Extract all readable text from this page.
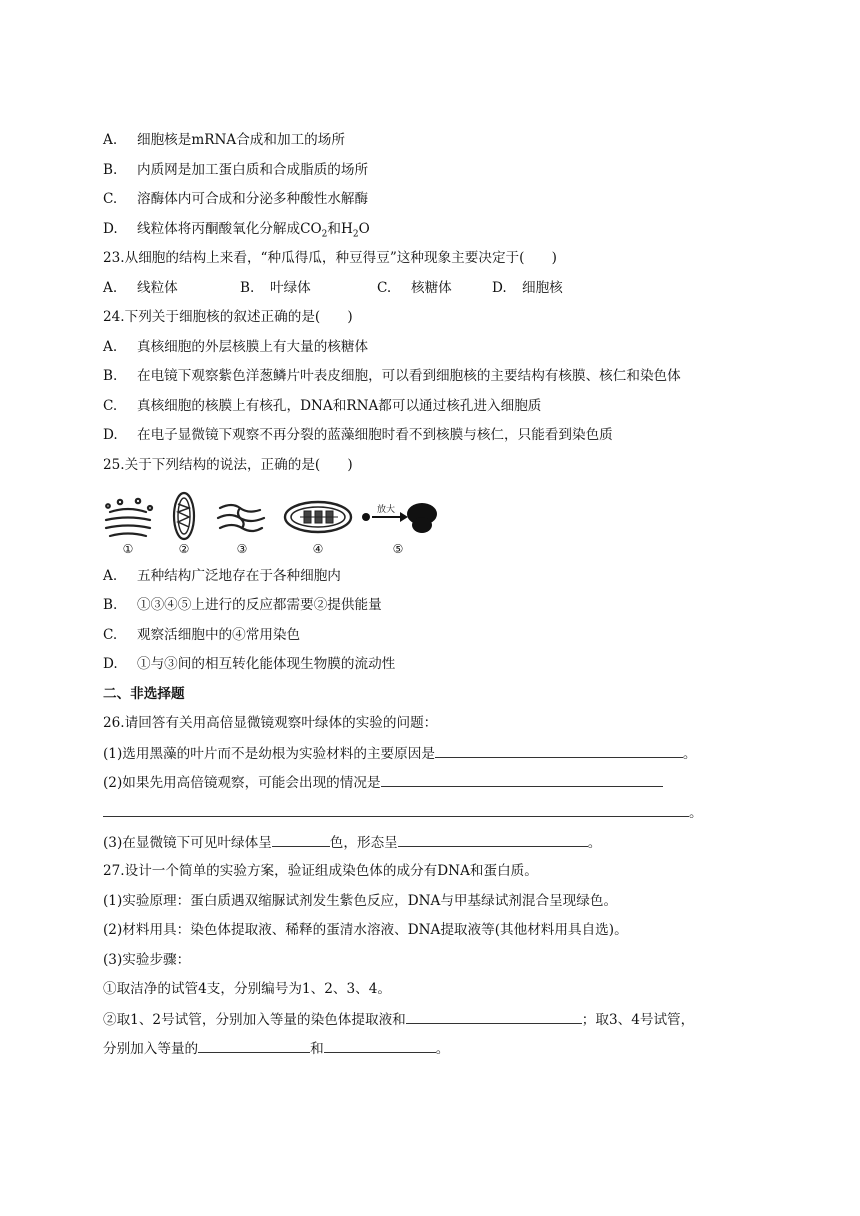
A. 细胞核是mRNA合成和加工的场所
B. 内质网是加工蛋白质和合成脂质的场所
C. 溶酶体内可合成和分泌多种酸性水解酶
D. 线粒体将丙酮酸氧化分解成$CO_2$和$H_2O$
23.从细胞的结构上来看，“种瓜得瓜，种豆得豆”这种现象主要决定于(　　)
A. 线粒体	B. 叶绿体	C. 核糖体	D. 细胞核
24.下列关于细胞核的叙述正确的是(　　)
A. 真核细胞的外层核膜上有大量的核糖体
B. 在电镜下观察紫色洋葱鳞片叶表皮细胞，可以看到细胞核的主要结构有核膜、核仁和染色体
C. 真核细胞的核膜上有核孔，DNA和RNA都可以通过核孔进入细胞质
D. 在电子显微镜下观察不再分裂的蓝藻细胞时看不到核膜与核仁，只能看到染色质
25.关于下列结构的说法，正确的是(　　)
放大
①	②	③	④	⑤
A. 五种结构广泛地存在于各种细胞内
B. ①③④⑤上进行的反应都需要②提供能量
C. 观察活细胞中的④常用染色
D. ①与③间的相互转化能体现生物膜的流动性
二、非选择题
26.请回答有关用高倍显微镜观察叶绿体的实验的问题：
(1)选用黑藻的叶片而不是幼根为实验材料的主要原因是	。
(2)如果先用高倍镜观察，可能会出现的情况是
。
(3)在显微镜下可见叶绿体呈	色，形态呈	。
27.设计一个简单的实验方案，验证组成染色体的成分有DNA和蛋白质。
(1)实验原理：蛋白质遇双缩脲试剂发生紫色反应，DNA与甲基绿试剂混合呈现绿色。
(2)材料用具：染色体提取液、稀释的蛋清水溶液、DNA提取液等(其他材料用具自选)。
(3)实验步骤：
①取洁净的试管4支，分别编号为1、2、3、4。
②取1、2号试管，分别加入等量的染色体提取液和	；取3、4号试管，
分别加入等量的	和	。
